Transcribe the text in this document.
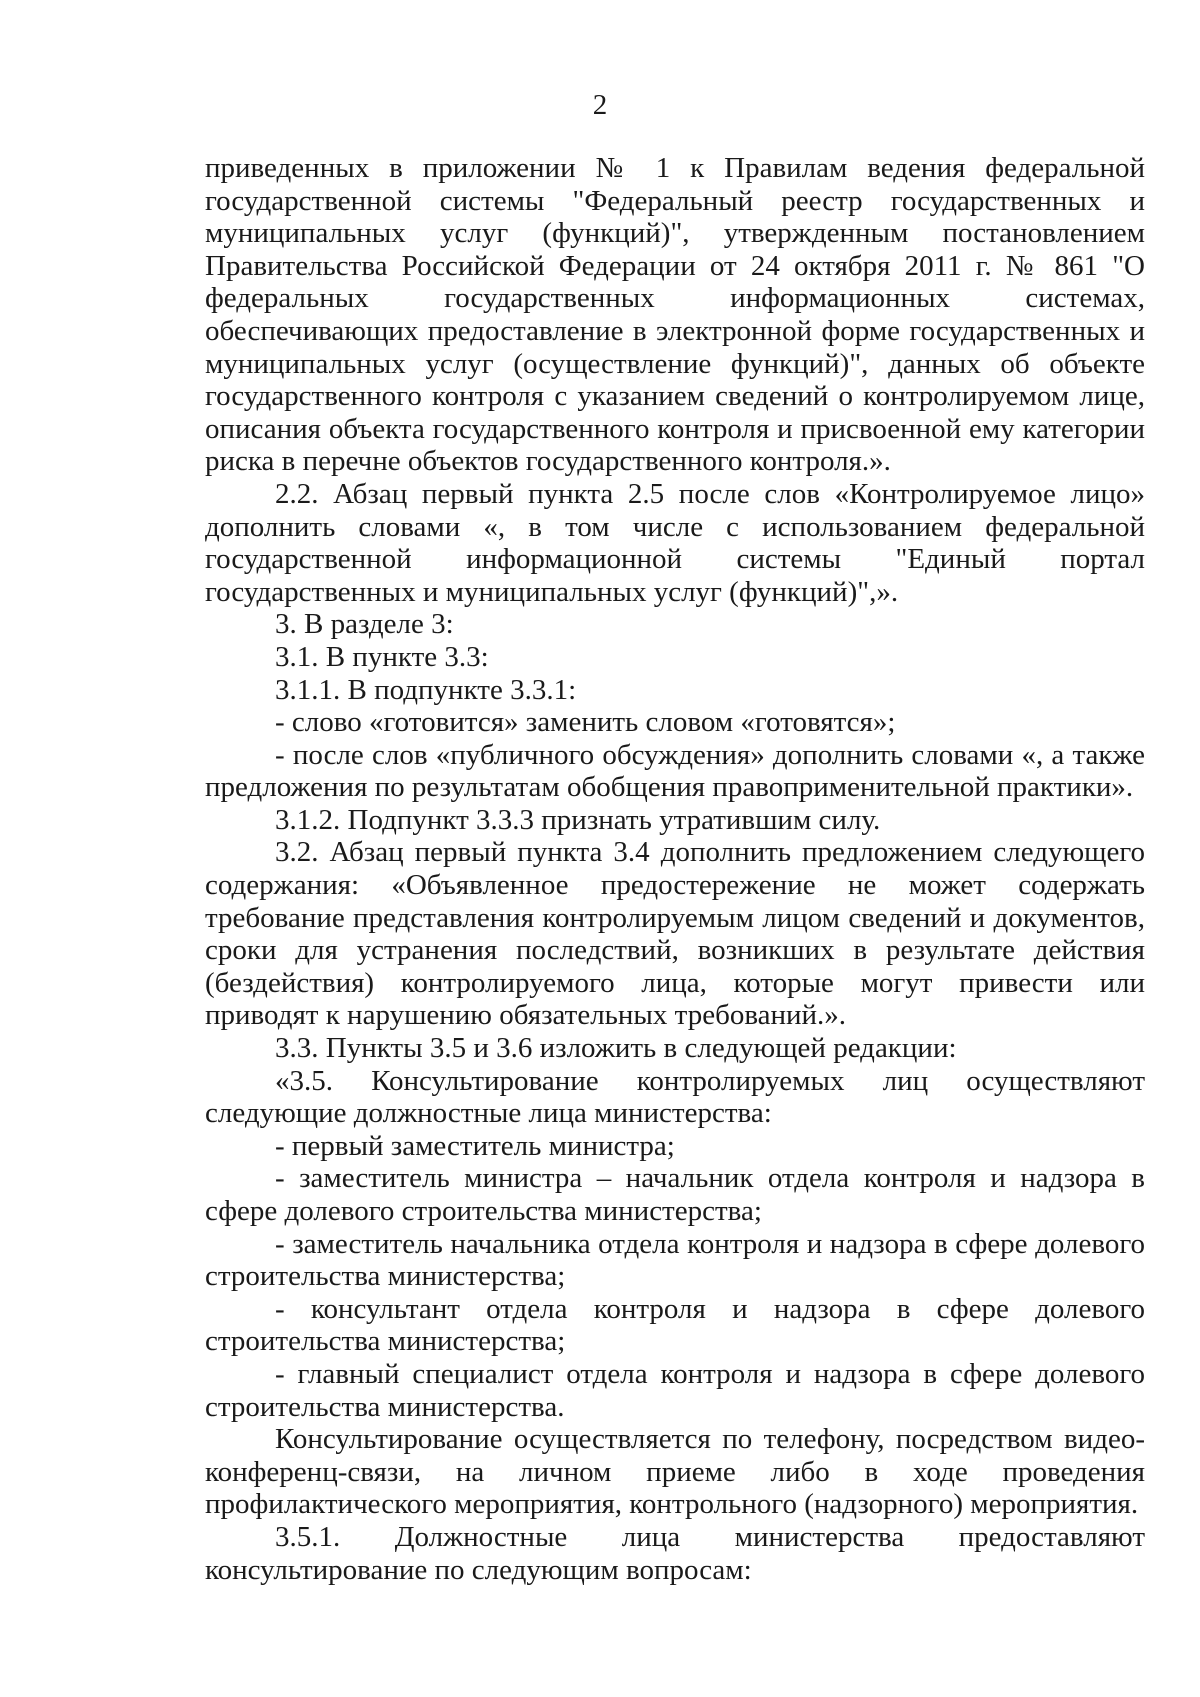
2

приведенных в приложении № 1 к Правилам ведения федеральной государственной системы "Федеральный реестр государственных и муниципальных услуг (функций)", утвержденным постановлением Правительства Российской Федерации от 24 октября 2011 г. № 861 "О федеральных государственных информационных системах, обеспечивающих предоставление в электронной форме государственных и муниципальных услуг (осуществление функций)", данных об объекте государственного контроля с указанием сведений о контролируемом лице, описания объекта государственного контроля и присвоенной ему категории риска в перечне объектов государственного контроля.».

2.2. Абзац первый пункта 2.5 после слов «Контролируемое лицо» дополнить словами «, в том числе с использованием федеральной государственной информационной системы "Единый портал государственных и муниципальных услуг (функций)",».

3. В разделе 3:

3.1. В пункте 3.3:

3.1.1. В подпункте 3.3.1:

- слово «готовится» заменить словом «готовятся»;

- после слов «публичного обсуждения» дополнить словами «, а также предложения по результатам обобщения правоприменительной практики».

3.1.2. Подпункт 3.3.3 признать утратившим силу.

3.2. Абзац первый пункта 3.4 дополнить предложением следующего содержания: «Объявленное предостережение не может содержать требование представления контролируемым лицом сведений и документов, сроки для устранения последствий, возникших в результате действия (бездействия) контролируемого лица, которые могут привести или приводят к нарушению обязательных требований.».

3.3. Пункты 3.5 и 3.6 изложить в следующей редакции:

«3.5. Консультирование контролируемых лиц осуществляют следующие должностные лица министерства:

- первый заместитель министра;

- заместитель министра – начальник отдела контроля и надзора в сфере долевого строительства министерства;

- заместитель начальника отдела контроля и надзора в сфере долевого строительства министерства;

- консультант отдела контроля и надзора в сфере долевого строительства министерства;

- главный специалист отдела контроля и надзора в сфере долевого строительства министерства.

Консультирование осуществляется по телефону, посредством видео-конференц-связи, на личном приеме либо в ходе проведения профилактического мероприятия, контрольного (надзорного) мероприятия.

3.5.1. Должностные лица министерства предоставляют консультирование по следующим вопросам:
